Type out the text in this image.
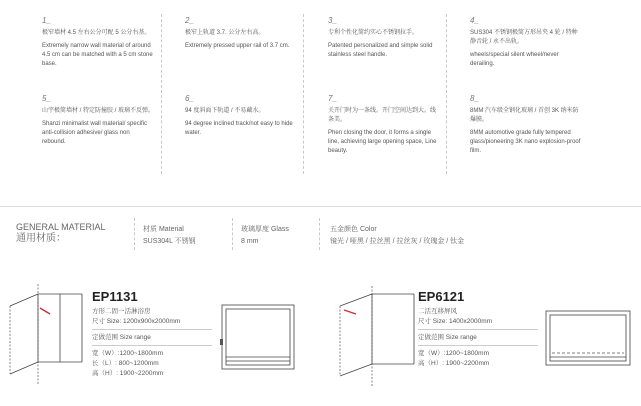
1_

极窄墙材 4.5 左右公分可配 5 公分右基。

Extremely narrow wall material of around 4.5 cm can be matched with a 5 cm stone base.

2_

极窄上轨道 3.7. 公分左右高。

Extremely pressed upper rail of 3.7 cm.

3_

专利个性化简约实心不锈钢拉手。

Patented personalized and simple solid stainless steel handle.

4_

SUS304 不锈钢极简方形吊夹 4 轮 / 特种静音轮 / 永不出轨。

wheels/special silent wheel/never derailing.

5_

山宇极简墙材 / 特定防撞胶 / 玻璃不反弹。

Shanzi minimalist wall material/ specific anti-collision adhesive/ glass non rebound.

6_

94 度斜面下轨道 / 不易藏水。

94 degree inclined track/not easy to hide water.

7_

关开门时为一条线。开门空间达到大。线条美。

Phen closing the door, it forms a single line, achieving large opening space, Line beauty.

8_

8MM 汽车级全钢化玻璃 / 首创 3K 纳米防爆膜。

8MM automotive grade fully tempered glass/pioneering 3K nano explosion-proof film.

GENERAL MATERIAL
通用材质：
材质 Material
SUS304L 不锈钢
玻璃厚度 Glass
8 mm
五金颜色 Color
镜光 / 哑黑 / 拉丝黑 / 拉丝灰 / 玫瑰金 / 钛金
EP1131

方形二固一活淋浴房

尺寸 Size: 1200x900x2000mm

定做范围 Size range

宽（W）:1200~1800mm

长（L）: 800~1200mm

高（H）: 1900~2200mm

EP6121

二活互移屏风

尺寸 Size: 1400x2000mm

定做范围 Size range

宽（W）:1200~1800mm

高（H）: 1900~2200mm
